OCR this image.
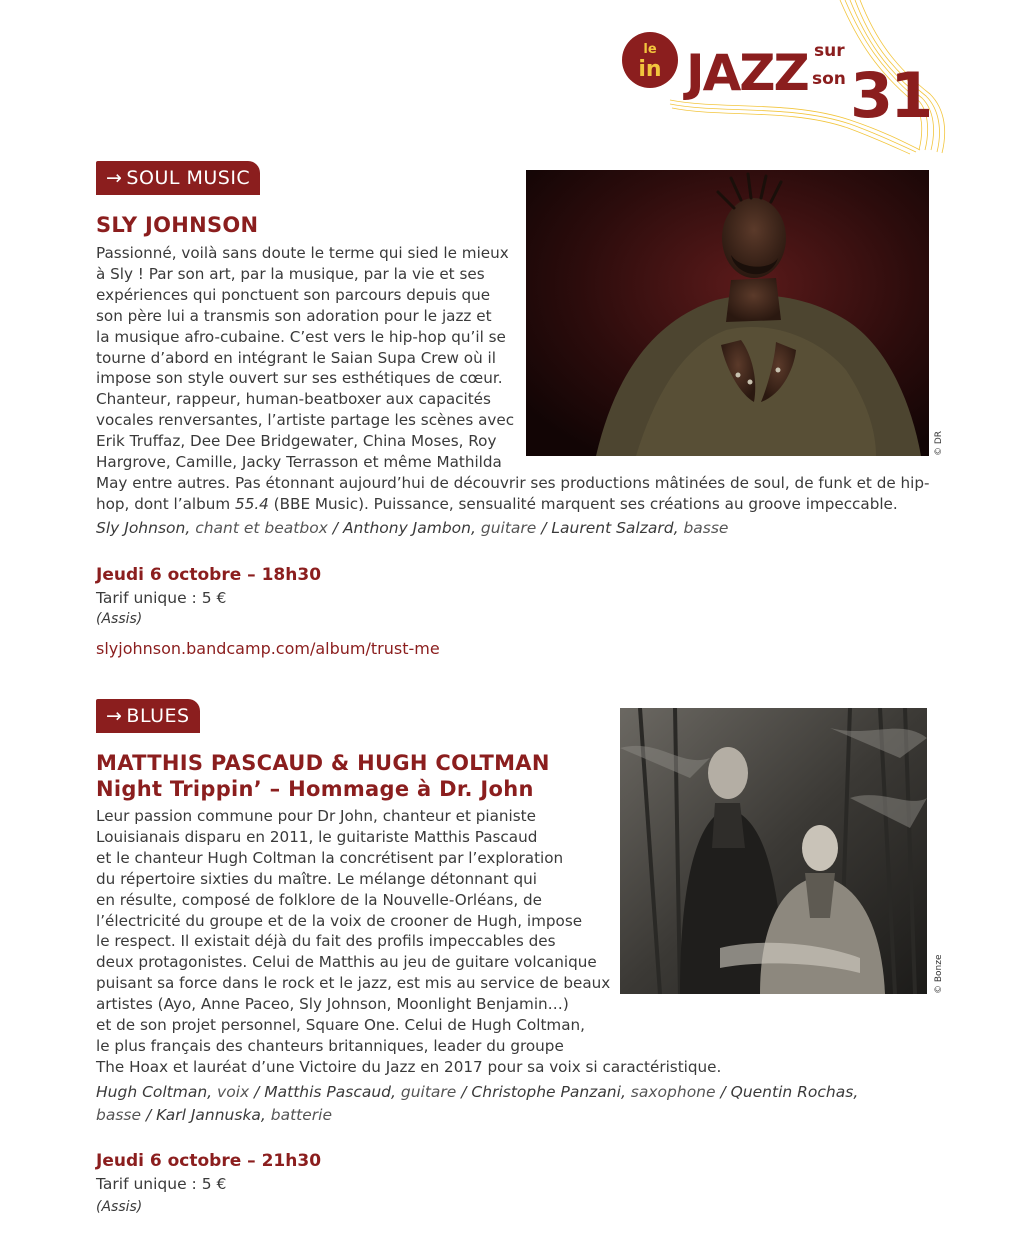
le
in JAZZ sur
son 31
→ SOUL MUSIC
SLY JOHNSON
© DR

Passionné, voilà sans doute le terme qui sied le mieux

à Sly ! Par son art, par la musique, par la vie et ses

expériences qui ponctuent son parcours depuis que

son père lui a transmis son adoration pour le jazz et

la musique afro-cubaine. C’est vers le hip-hop qu’il se

tourne d’abord en intégrant le Saian Supa Crew où il

impose son style ouvert sur ses esthétiques de cœur.

Chanteur, rappeur, human-beatboxer aux capacités

vocales renversantes, l’artiste partage les scènes avec

Erik Truffaz, Dee Dee Bridgewater, China Moses, Roy

Hargrove, Camille, Jacky Terrasson et même Mathilda

May entre autres. Pas étonnant aujourd’hui de découvrir ses productions mâtinées de soul, de funk et de hip-

hop, dont l’album 55.4 (BBE Music). Puissance, sensualité marquent ses créations au groove impeccable.

Sly Johnson, chant et beatbox / Anthony Jambon, guitare / Laurent Salzard, basse

Jeudi 6 octobre – 18h30

Tarif unique : 5 €

(Assis)

slyjohnson.bandcamp.com/album/trust-me

→ BLUES
MATTHIS PASCAUD & HUGH COLTMAN
Night Trippin’ – Hommage à Dr. John
© Bonze

Leur passion commune pour Dr John, chanteur et pianiste

Louisianais disparu en 2011, le guitariste Matthis Pascaud

et le chanteur Hugh Coltman la concrétisent par l’exploration

du répertoire sixties du maître. Le mélange détonnant qui

en résulte, composé de folklore de la Nouvelle-Orléans, de

l’électricité du groupe et de la voix de crooner de Hugh, impose

le respect. Il existait déjà du fait des profils impeccables des

deux protagonistes. Celui de Matthis au jeu de guitare volcanique

puisant sa force dans le rock et le jazz, est mis au service de beaux

artistes (Ayo, Anne Paceo, Sly Johnson, Moonlight Benjamin…)

et de son projet personnel, Square One. Celui de Hugh Coltman,

le plus français des chanteurs britanniques, leader du groupe

The Hoax et lauréat d’une Victoire du Jazz en 2017 pour sa voix si caractéristique.

Hugh Coltman, voix / Matthis Pascaud, guitare / Christophe Panzani, saxophone / Quentin Rochas,
basse / Karl Jannuska, batterie

Jeudi 6 octobre – 21h30

Tarif unique : 5 €

(Assis)
